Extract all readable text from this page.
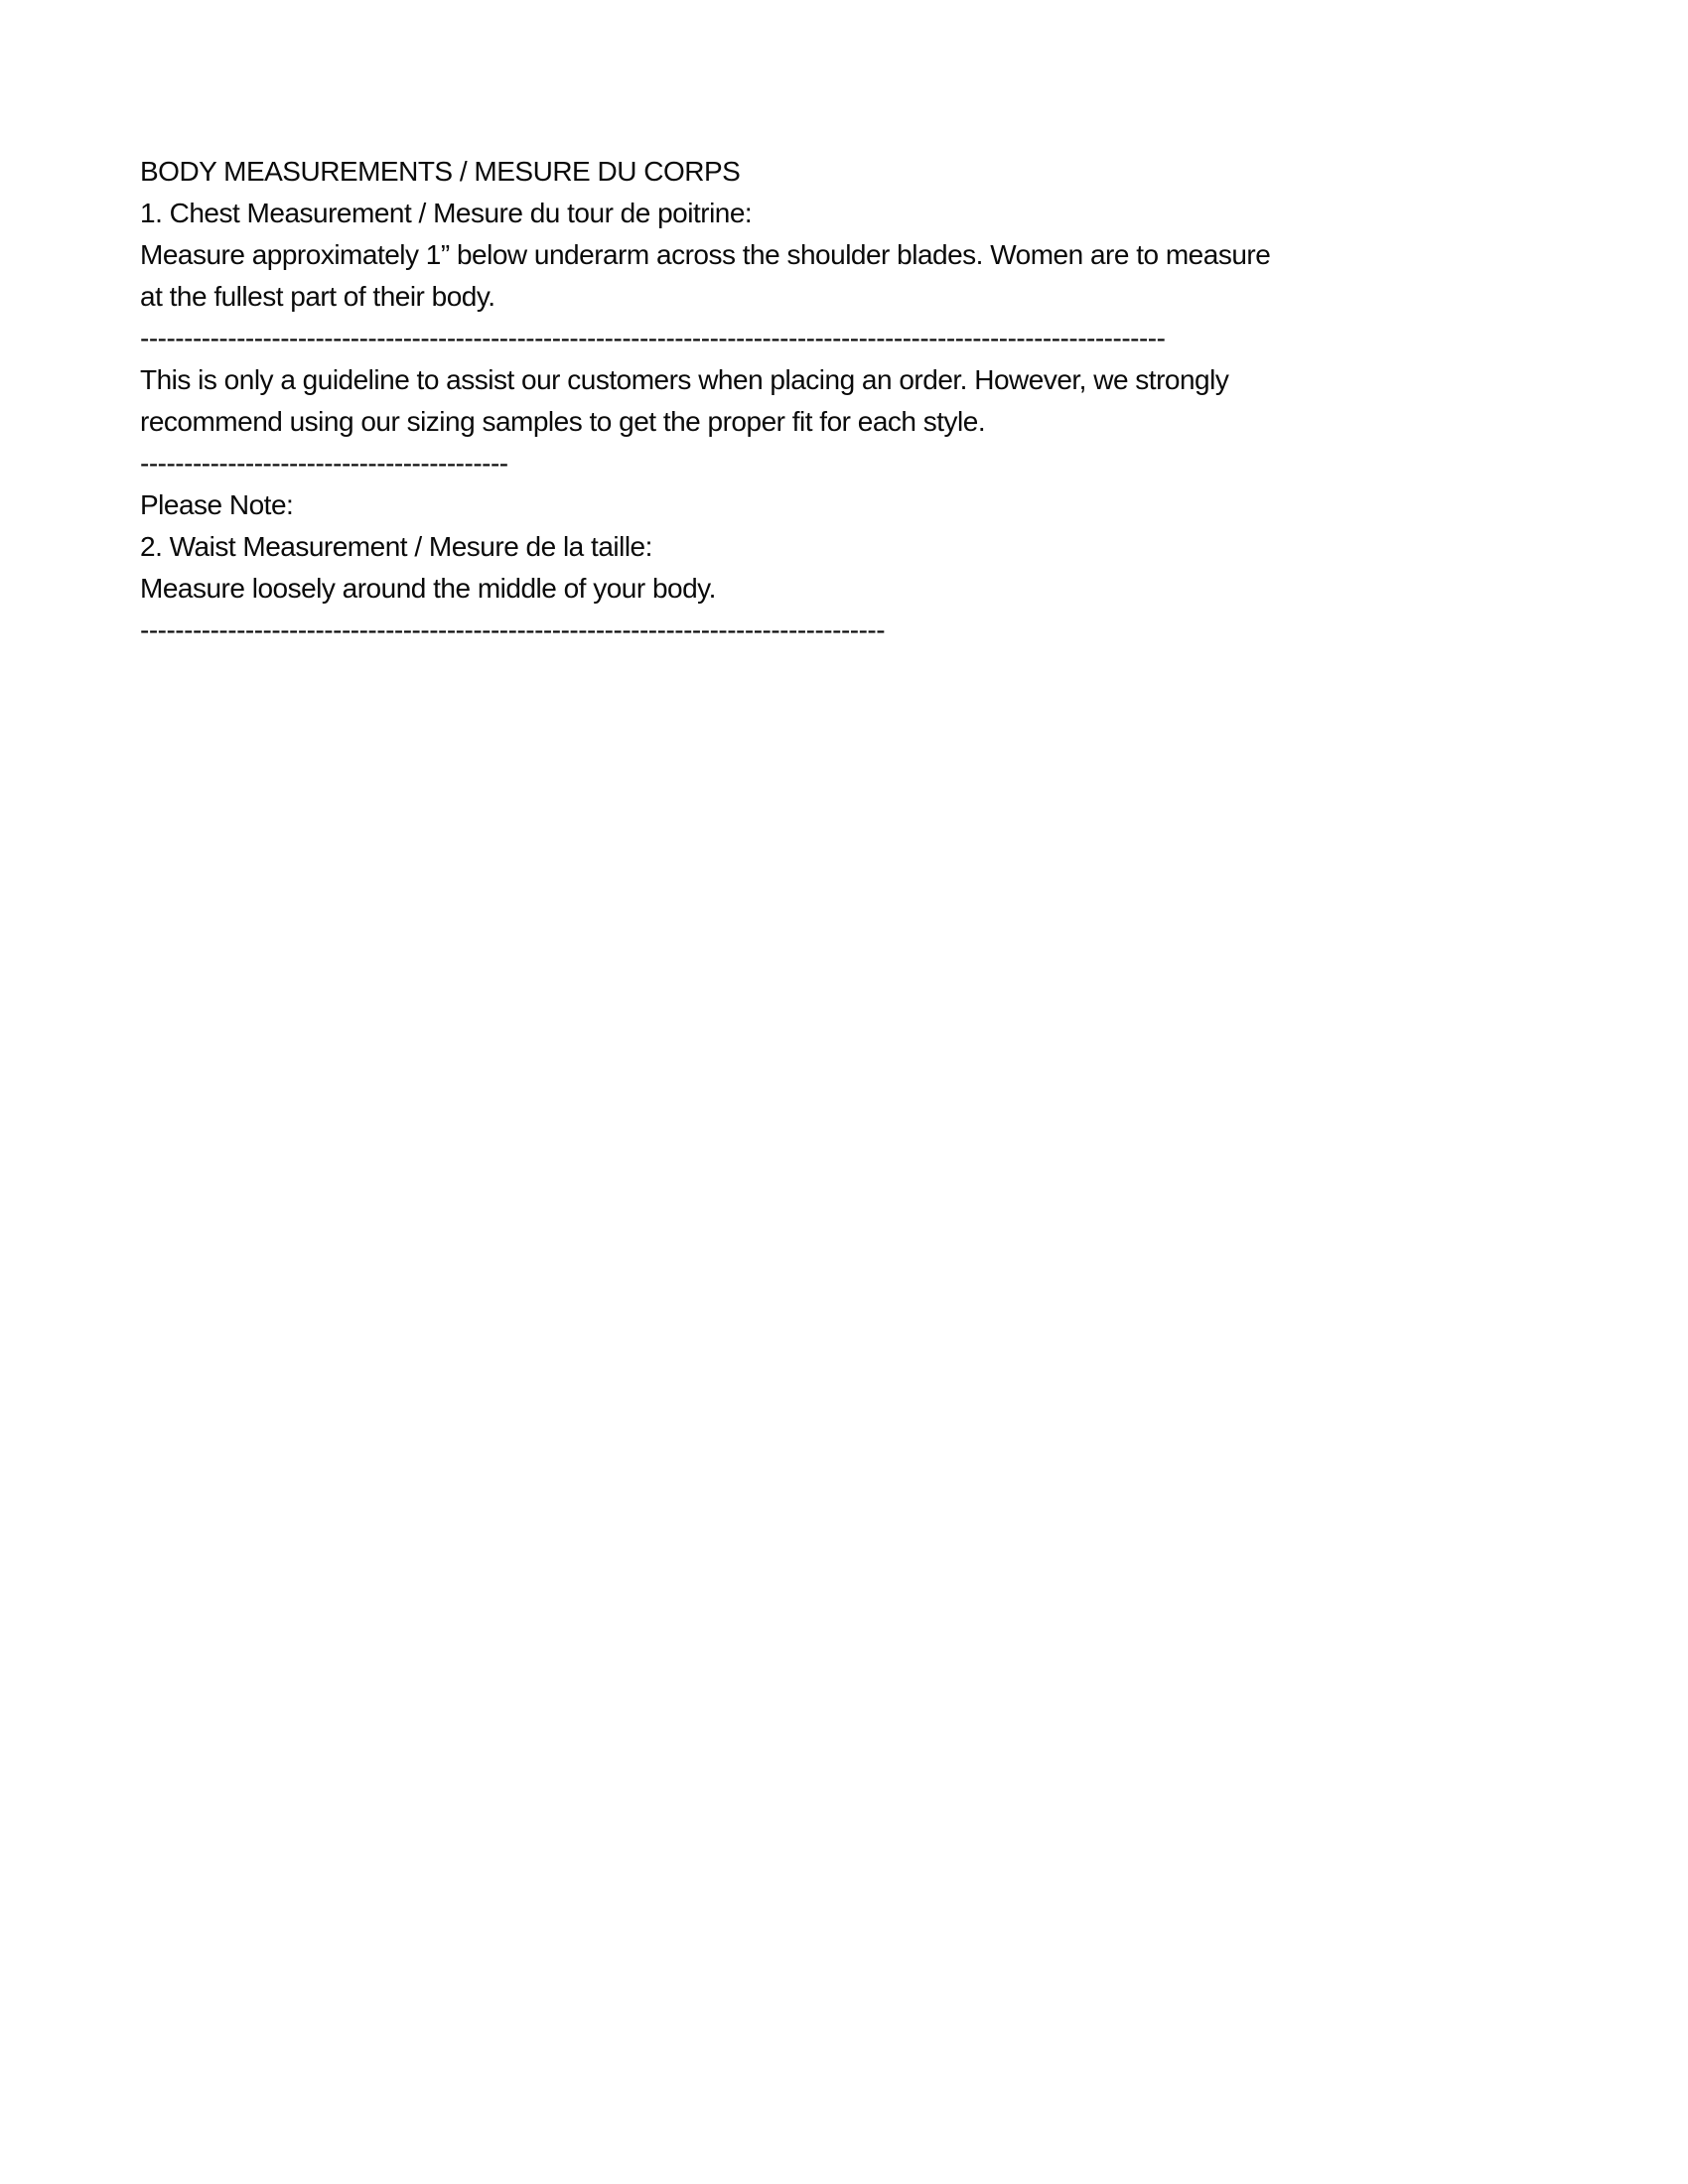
BODY MEASUREMENTS / MESURE DU CORPS
1. Chest Measurement / Mesure du tour de poitrine:
Measure approximately 1” below underarm across the shoulder blades. Women are to measure
at the fullest part of their body.
---------------------------------------------------------------------------------------------------------------------
This is only a guideline to assist our customers when placing an order. However, we strongly
recommend using our sizing samples to get the proper fit for each style.
------------------------------------------
Please Note:
2. Waist Measurement / Mesure de la taille:
Measure loosely around the middle of your body.
-------------------------------------------------------------------------------------
